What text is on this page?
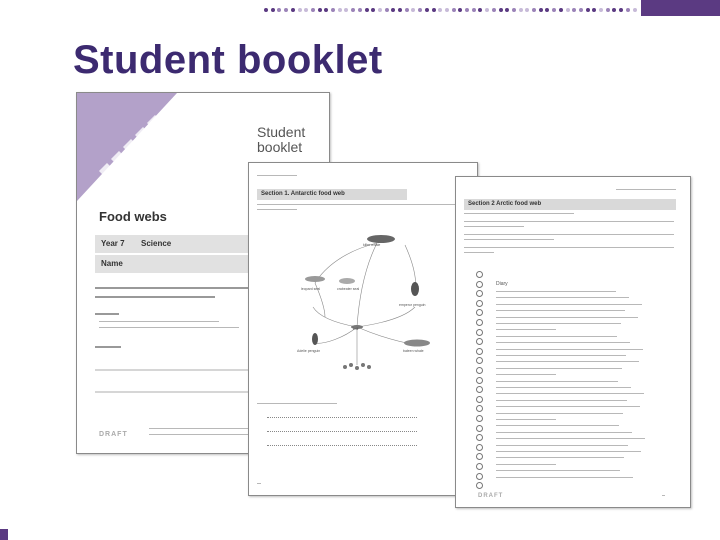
Student booklet
Student booklet
Food webs
Year 7 Science
Name
DRAFT
Section 1. Antarctic food web
killer whale
leopard seal	crabeater seal
emperor penguin
krill
Adelie penguin	baleen whale
Section 2 Arctic food web
Diary
DRAFT
